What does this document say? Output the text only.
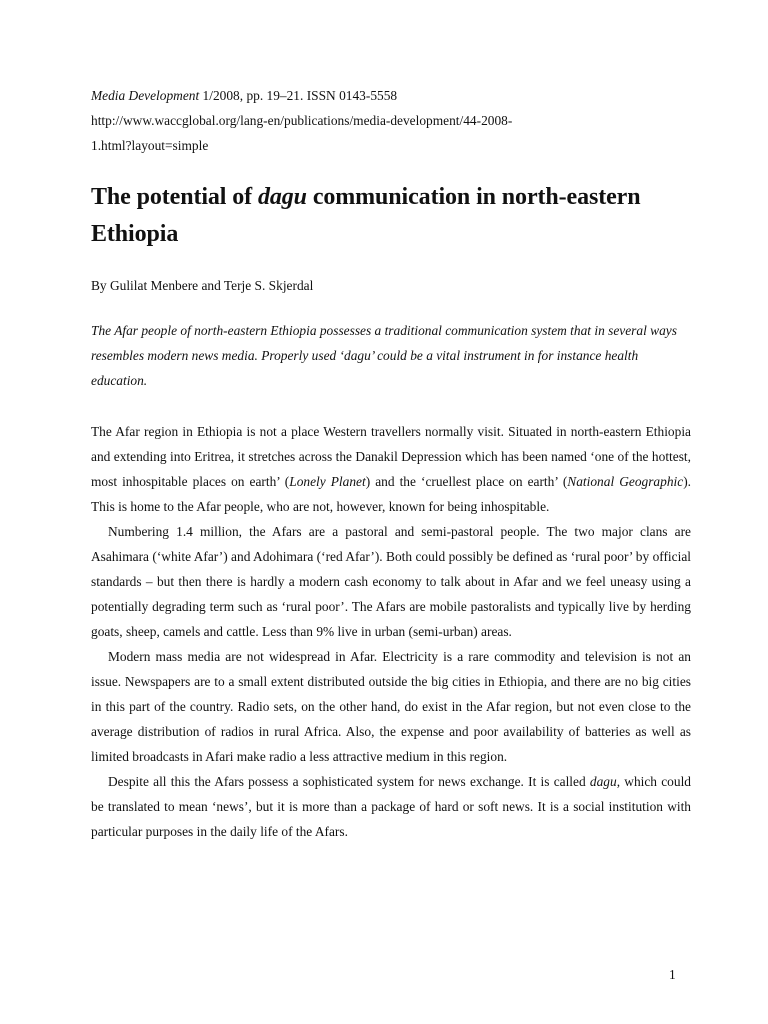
Media Development 1/2008, pp. 19–21. ISSN 0143-5558

http://www.waccglobal.org/lang-en/publications/media-development/44-2008-

1.html?layout=simple

The potential of dagu communication in north-eastern Ethiopia

By Gulilat Menbere and Terje S. Skjerdal

The Afar people of north-eastern Ethiopia possesses a traditional communication system that in several ways resembles modern news media. Properly used ‘dagu’ could be a vital instrument in for instance health education.

The Afar region in Ethiopia is not a place Western travellers normally visit. Situated in north-eastern Ethiopia and extending into Eritrea, it stretches across the Danakil Depression which has been named ‘one of the hottest, most inhospitable places on earth’ (Lonely Planet) and the ‘cruellest place on earth’ (National Geographic). This is home to the Afar people, who are not, however, known for being inhospitable.

Numbering 1.4 million, the Afars are a pastoral and semi-pastoral people. The two major clans are Asahimara (‘white Afar’) and Adohimara (‘red Afar’). Both could possibly be defined as ‘rural poor’ by official standards – but then there is hardly a modern cash economy to talk about in Afar and we feel uneasy using a potentially degrading term such as ‘rural poor’. The Afars are mobile pastoralists and typically live by herding goats, sheep, camels and cattle. Less than 9% live in urban (semi-urban) areas.

Modern mass media are not widespread in Afar. Electricity is a rare commodity and television is not an issue. Newspapers are to a small extent distributed outside the big cities in Ethiopia, and there are no big cities in this part of the country. Radio sets, on the other hand, do exist in the Afar region, but not even close to the average distribution of radios in rural Africa. Also, the expense and poor availability of batteries as well as limited broadcasts in Afari make radio a less attractive medium in this region.

Despite all this the Afars possess a sophisticated system for news exchange. It is called dagu, which could be translated to mean ‘news’, but it is more than a package of hard or soft news. It is a social institution with particular purposes in the daily life of the Afars.

1
